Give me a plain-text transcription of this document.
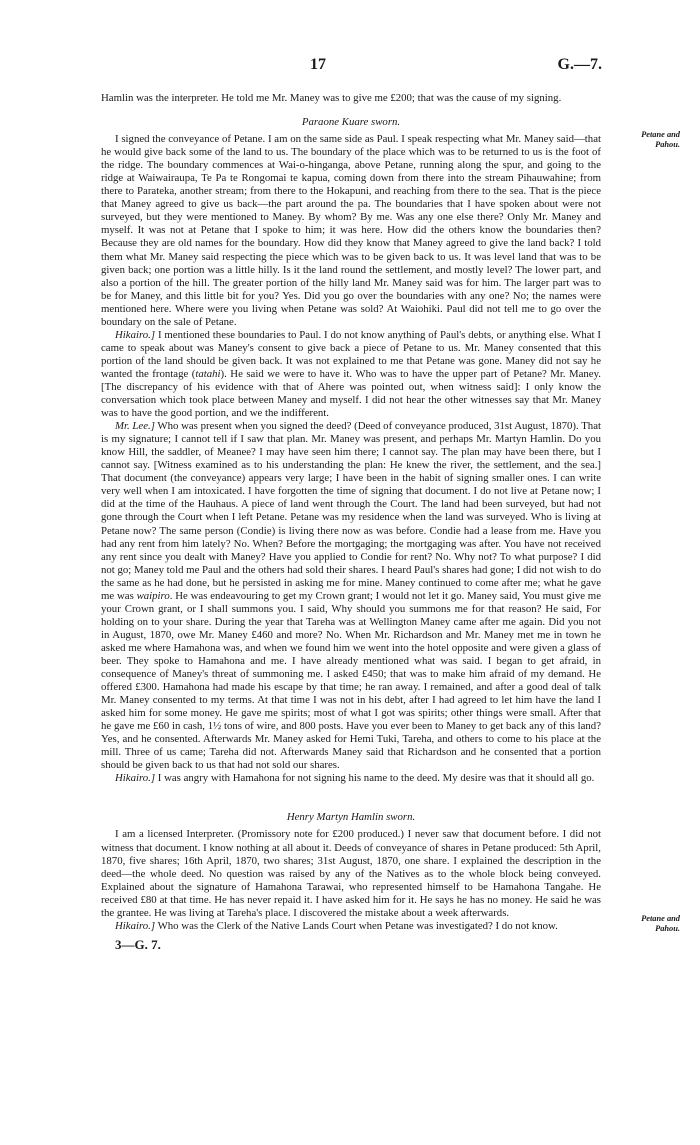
17	G.—7.
Petane and Pahou.
Petane and Pahou.

Hamlin was the interpreter. He told me Mr. Maney was to give me £200; that was the cause of my signing.

Paraone Kuare sworn.

I signed the conveyance of Petane. I am on the same side as Paul. I speak respecting what Mr. Maney said—that he would give back some of the land to us. The boundary of the place which was to be returned to us is the foot of the ridge. The boundary commences at Wai-o-hinganga, above Petane, running along the spur, and going to the ridge at Waiwairaupa, Te Pa te Rongomai te kapua, coming down from there into the stream Pihauwahine; from there to Parateka, another stream; from there to the Hokapuni, and reaching from there to the sea. That is the piece that Maney agreed to give us back—the part around the pa. The boundaries that I have spoken about were not surveyed, but they were mentioned to Maney. By whom? By me. Was any one else there? Only Mr. Maney and myself. It was not at Petane that I spoke to him; it was here. How did the others know the boundaries then? Because they are old names for the boundary. How did they know that Maney agreed to give the land back? I told them what Mr. Maney said respecting the piece which was to be given back to us. It was level land that was to be given back; one portion was a little hilly. Is it the land round the settlement, and mostly level? The lower part, and also a portion of the hill. The greater portion of the hilly land Mr. Maney said was for him. The larger part was to be for Maney, and this little bit for you? Yes. Did you go over the boundaries with any one? No; the names were mentioned here. Where were you living when Petane was sold? At Waiohiki. Paul did not tell me to go over the boundary on the sale of Petane.

Hikairo.] I mentioned these boundaries to Paul. I do not know anything of Paul's debts, or anything else. What I came to speak about was Maney's consent to give back a piece of Petane to us. Mr. Maney consented that this portion of the land should be given back. It was not explained to me that Petane was gone. Maney did not say he wanted the frontage (tatahi). He said we were to have it. Who was to have the upper part of Petane? Mr. Maney. [The discrepancy of his evidence with that of Ahere was pointed out, when witness said]: I only know the conversation which took place between Maney and myself. I did not hear the other witnesses say that Mr. Maney was to have the good portion, and we the indifferent.

Mr. Lee.] Who was present when you signed the deed? (Deed of conveyance produced, 31st August, 1870). That is my signature; I cannot tell if I saw that plan. Mr. Maney was present, and perhaps Mr. Martyn Hamlin. Do you know Hill, the saddler, of Meanee? I may have seen him there; I cannot say. The plan may have been there, but I cannot say. [Witness examined as to his understanding the plan: He knew the river, the settlement, and the sea.] That document (the conveyance) appears very large; I have been in the habit of signing smaller ones. I can write very well when I am intoxicated. I have forgotten the time of signing that document. I do not live at Petane now; I did at the time of the Hauhaus. A piece of land went through the Court. The land had been surveyed, but had not gone through the Court when I left Petane. Petane was my residence when the land was surveyed. Who is living at Petane now? The same person (Condie) is living there now as was before. Condie had a lease from me. Have you had any rent from him lately? No. When? Before the mortgaging; the mortgaging was after. You have not received any rent since you dealt with Maney? Have you applied to Condie for rent? No. Why not? To what purpose? I did not go; Maney told me Paul and the others had sold their shares. I heard Paul's shares had gone; I did not wish to do the same as he had done, but he persisted in asking me for mine. Maney continued to come after me; what he gave me was waipiro. He was endeavouring to get my Crown grant; I would not let it go. Maney said, You must give me your Crown grant, or I shall summons you. I said, Why should you summons me for that reason? He said, For holding on to your share. During the year that Tareha was at Wellington Maney came after me again. Did you not in August, 1870, owe Mr. Maney £460 and more? No. When Mr. Richardson and Mr. Maney met me in town he asked me where Hamahona was, and when we found him we went into the hotel opposite and were given a glass of beer. They spoke to Hamahona and me. I have already mentioned what was said. I began to get afraid, in consequence of Maney's threat of summoning me. I asked £450; that was to make him afraid of my demand. He offered £300. Hamahona had made his escape by that time; he ran away. I remained, and after a good deal of talk Mr. Maney consented to my terms. At that time I was not in his debt, after I had agreed to let him have the land I asked him for some money. He gave me spirits; most of what I got was spirits; other things were small. After that he gave me £60 in cash, 1½ tons of wire, and 800 posts. Have you ever been to Maney to get back any of this land? Yes, and he consented. Afterwards Mr. Maney asked for Hemi Tuki, Tareha, and others to come to his place at the mill. Three of us came; Tareha did not. Afterwards Maney said that Richardson and he consented that a portion should be given back to us that had not sold our shares.

Hikairo.] I was angry with Hamahona for not signing his name to the deed. My desire was that it should all go.

Henry Martyn Hamlin sworn.

I am a licensed Interpreter. (Promissory note for £200 produced.) I never saw that document before. I did not witness that document. I know nothing at all about it. Deeds of conveyance of shares in Petane produced: 5th April, 1870, five shares; 16th April, 1870, two shares; 31st August, 1870, one share. I explained the description in the deed—the whole deed. No question was raised by any of the Natives as to the whole block being conveyed. Explained about the signature of Hamahona Tarawai, who represented himself to be Hamahona Tangahe. He received £80 at that time. He has never repaid it. I have asked him for it. He says he has no money. He said he was the grantee. He was living at Tareha's place. I discovered the mistake about a week afterwards.

Hikairo.] Who was the Clerk of the Native Lands Court when Petane was investigated? I do not know.

3—G. 7.
